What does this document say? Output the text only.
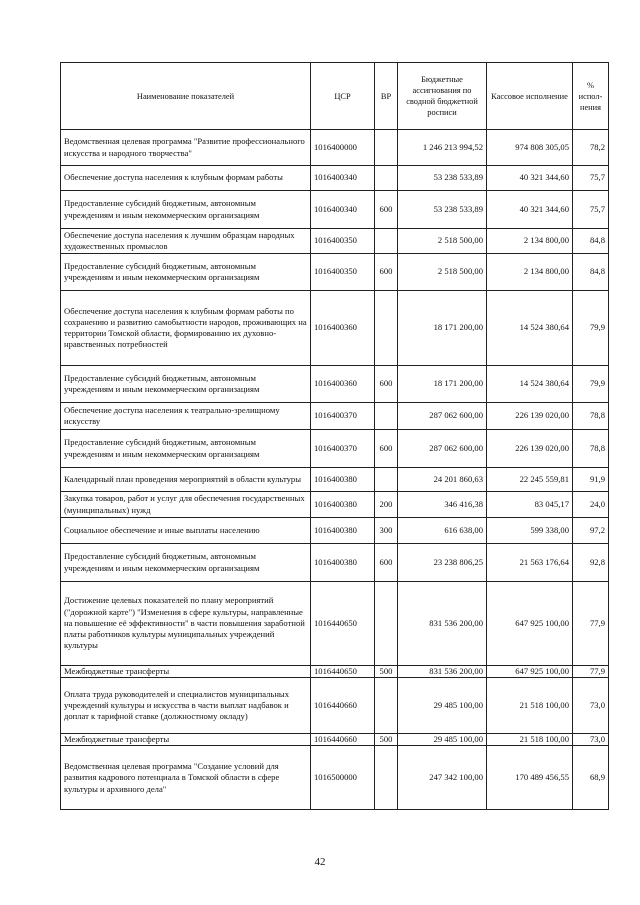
Наименование показателей	ЦСР	ВР	Бюджетные ассигнования по сводной бюджетной росписи	Кассовое исполнение	% испол-нения
Ведомственная целевая программа "Развитие профессионального искусства и народного творчества"	1016400000		1 246 213 994,52	974 808 305,05	78,2
Обеспечение доступа населения к клубным формам работы	1016400340		53 238 533,89	40 321 344,60	75,7
Предоставление субсидий бюджетным, автономным учреждениям и иным некоммерческим организациям	1016400340	600	53 238 533,89	40 321 344,60	75,7
Обеспечение доступа населения к лучшим образцам народных художественных промыслов	1016400350		2 518 500,00	2 134 800,00	84,8
Предоставление субсидий бюджетным, автономным учреждениям и иным некоммерческим организациям	1016400350	600	2 518 500,00	2 134 800,00	84,8
Обеспечение доступа населения к клубным формам работы по сохранению и развитию самобытности народов, проживающих на территории Томской области, формированию их духовно-нравственных потребностей	1016400360		18 171 200,00	14 524 380,64	79,9
Предоставление субсидий бюджетным, автономным учреждениям и иным некоммерческим организациям	1016400360	600	18 171 200,00	14 524 380,64	79,9
Обеспечение доступа населения к театрально-зрелищному искусству	1016400370		287 062 600,00	226 139 020,00	78,8
Предоставление субсидий бюджетным, автономным учреждениям и иным некоммерческим организациям	1016400370	600	287 062 600,00	226 139 020,00	78,8
Календарный план проведения мероприятий в области культуры	1016400380		24 201 860,63	22 245 559,81	91,9
Закупка товаров, работ и услуг для обеспечения государственных (муниципальных) нужд	1016400380	200	346 416,38	83 045,17	24,0
Социальное обеспечение и иные выплаты населению	1016400380	300	616 638,00	599 338,00	97,2
Предоставление субсидий бюджетным, автономным учреждениям и иным некоммерческим организациям	1016400380	600	23 238 806,25	21 563 176,64	92,8
Достижение целевых показателей по плану мероприятий ("дорожной карте") "Изменения в сфере культуры, направленные на повышение её эффективности" в части повышения заработной платы работников культуры муниципальных учреждений культуры	1016440650		831 536 200,00	647 925 100,00	77,9
Межбюджетные трансферты	1016440650	500	831 536 200,00	647 925 100,00	77,9
Оплата труда руководителей и специалистов муниципальных учреждений культуры и искусства в части выплат надбавок и доплат к тарифной ставке (должностному окладу)	1016440660		29 485 100,00	21 518 100,00	73,0
Межбюджетные трансферты	1016440660	500	29 485 100,00	21 518 100,00	73,0
Ведомственная целевая программа "Создание условий для развития кадрового потенциала в Томской области в сфере культуры и архивного дела"	1016500000		247 342 100,00	170 489 456,55	68,9
42
